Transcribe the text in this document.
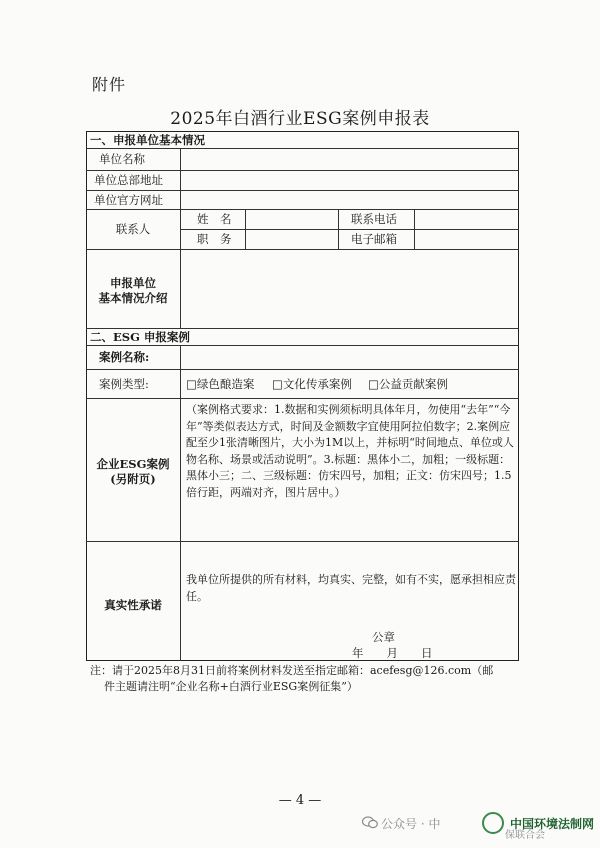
附件
2025年白酒行业ESG案例申报表
一、申报单位基本情况
单位名称
单位总部地址
单位官方网址
联系人
姓　名
职　务
联系电话
电子邮箱
申报单位
基本情况介绍
二、ESG 申报案例
案例名称:
案例类型:	□绿色酿造案 □文化传承案例 □公益贡献案例
企业ESG案例
(另附页)
（案例格式要求：1.数据和实例须标明具体年月，勿使用“去年”“今年”等类似表达方式，时间及金额数字宜使用阿拉伯数字；2.案例应配至少1张清晰图片，大小为1M以上，并标明“时间地点、单位或人物名称、场景或活动说明”。3.标题：黑体小二，加粗；一级标题：黑体小三；二、三级标题：仿宋四号，加粗；正文：仿宋四号；1.5倍行距，两端对齐，图片居中。）
真实性承诺
我单位所提供的所有材料，均真实、完整，如有不实，愿承担相应责任。
公章
年　　月　　日
注：请于2025年8月31日前将案例材料发送至指定邮箱：acefesg@126.com（邮
件主题请注明“企业名称+白酒行业ESG案例征集”）
— 4 —
公众号 · 中
保联合会
中国环境法制网
